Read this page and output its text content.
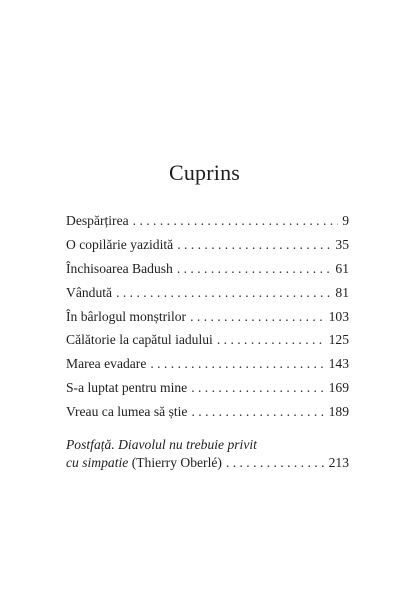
Cuprins
Despărțirea . . .	9
O copilărie yazidită . . .	35
Închisoarea Badush . . .	61
Vândută . . .	81
În bârlogul monștrilor . . .	103
Călătorie la capătul iadului . . .	125
Marea evadare . . .	143
S-a luptat pentru mine . . .	169
Vreau ca lumea să știe . . .	189
Postfață. Diavolul nu trebuie privit
cu simpatie
(Thierry Oberlé) . . .	213
